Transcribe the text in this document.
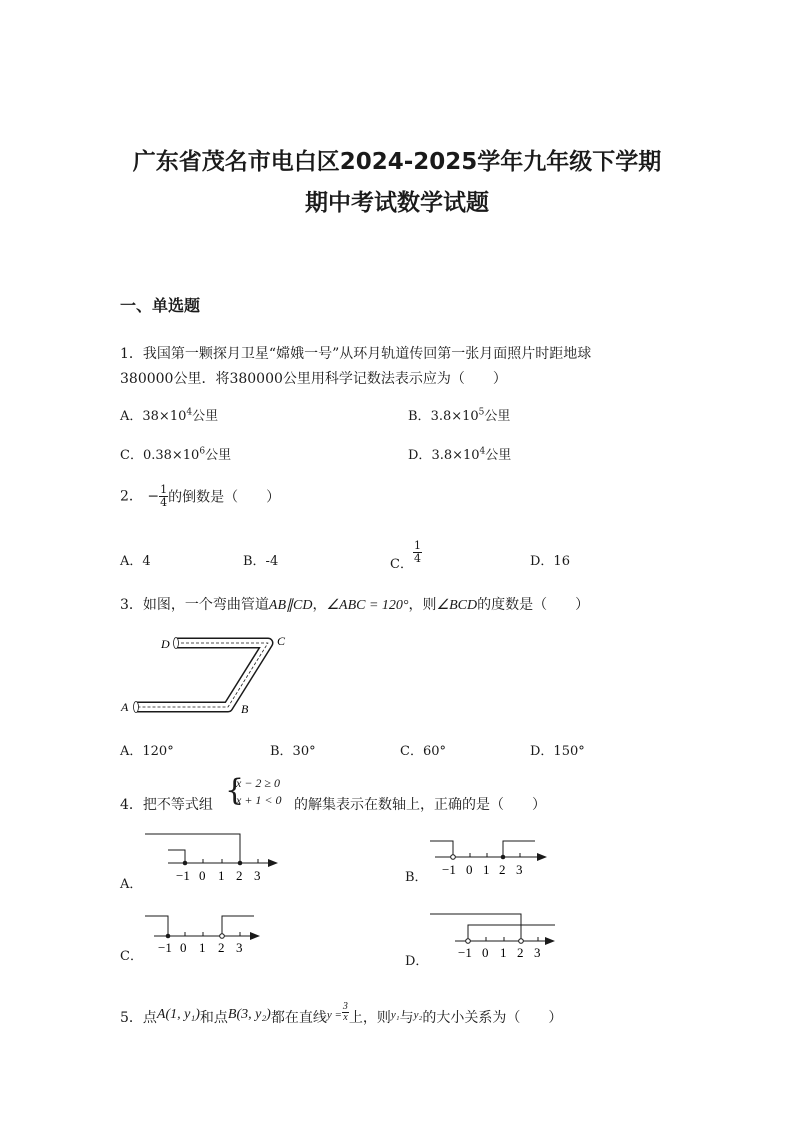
广东省茂名市电白区2024-2025学年九年级下学期
期中考试数学试题
一、单选题
1．我国第一颗探月卫星“嫦娥一号”从环月轨道传回第一张月面照片时距地球
380000公里．将380000公里用科学记数法表示应为（　　）
A．$38\times 10^4$公里	B．$3.8\times 10^5$公里
C．$0.38\times 10^6$公里	D．$3.8\times 10^4$公里
2． − $\frac{1}{4}$ 的倒数是（　　）
A．4	B．-4	C． $\frac{1}{4}$	D．16
3．如图，一个弯曲管道AB∥CD，∠ABC = 120°，则∠BCD的度数是（　　）
D	C
A	B
A．120°	B．30°	C．60°	D．150°
4．把不等式组 {
x − 2 ≥ 0
x + 1 < 0 的解集表示在数轴上，正确的是（　　）
A．
−1 0 1 2 3	B．
−1 0 1 2 3
C．
−1 0 1 2 3
D．
−1 0 1 2 3
5．点A(1, y₁)和点B(3, y₂)都在直线$^{y =} \frac{3}{x}$ 上，则$^{y_1}$与$^{y_2}$的大小关系为（　　）
